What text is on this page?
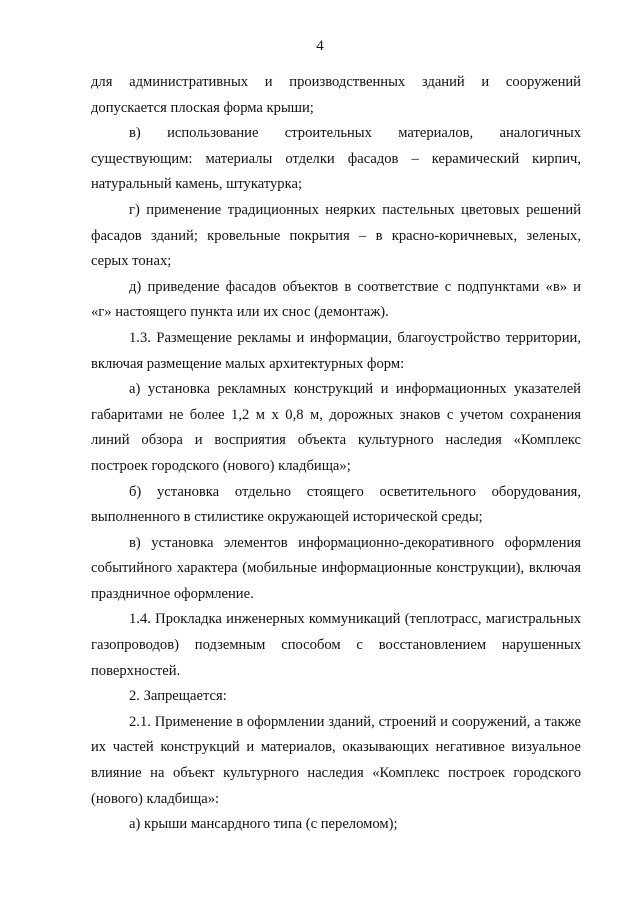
4

для административных и производственных зданий и сооружений допускается плоская форма крыши;

в) использование строительных материалов, аналогичных существующим: материалы отделки фасадов – керамический кирпич, натуральный камень, штукатурка;

г) применение традиционных неярких пастельных цветовых решений фасадов зданий; кровельные покрытия – в красно-коричневых, зеленых, серых тонах;

д) приведение фасадов объектов в соответствие с подпунктами «в» и «г» настоящего пункта или их снос (демонтаж).

1.3. Размещение рекламы и информации, благоустройство территории, включая размещение малых архитектурных форм:

а) установка рекламных конструкций и информационных указателей габаритами не более 1,2 м х 0,8 м, дорожных знаков с учетом сохранения линий обзора и восприятия объекта культурного наследия «Комплекс построек городского (нового) кладбища»;

б) установка отдельно стоящего осветительного оборудования, выполненного в стилистике окружающей исторической среды;

в) установка элементов информационно-декоративного оформления событийного характера (мобильные информационные конструкции), включая праздничное оформление.

1.4. Прокладка инженерных коммуникаций (теплотрасс, магистральных газопроводов) подземным способом с восстановлением нарушенных поверхностей.

2. Запрещается:

2.1. Применение в оформлении зданий, строений и сооружений, а также их частей конструкций и материалов, оказывающих негативное визуальное влияние на объект культурного наследия «Комплекс построек городского (нового) кладбища»:

а) крыши мансардного типа (с переломом);
